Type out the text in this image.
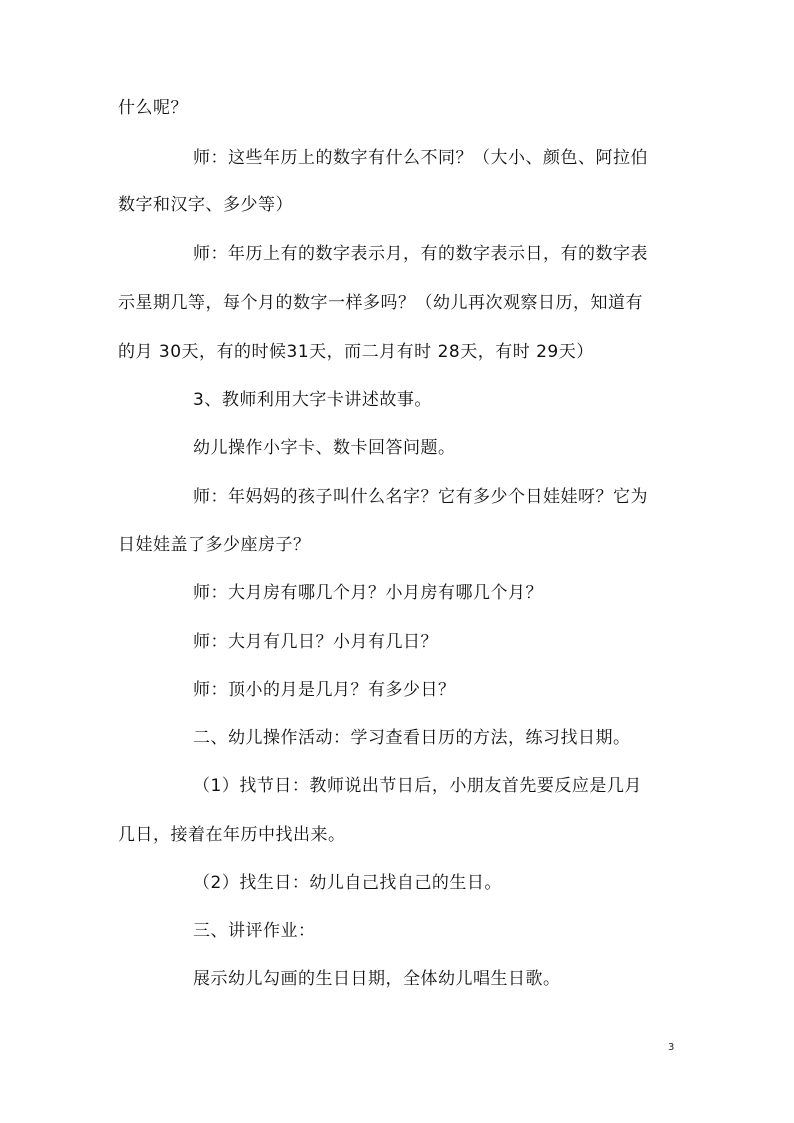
什么呢？
师：这些年历上的数字有什么不同？（大小、颜色、阿拉伯
数字和汉字、多少等）
师：年历上有的数字表示月，有的数字表示日，有的数字表
示星期几等，每个月的数字一样多吗？（幼儿再次观察日历，知道有
的月 30天，有的时候31天，而二月有时 28天，有时 29天）
3、教师利用大字卡讲述故事。
幼儿操作小字卡、数卡回答问题。
师：年妈妈的孩子叫什么名字？它有多少个日娃娃呀？它为
日娃娃盖了多少座房子？
师：大月房有哪几个月？小月房有哪几个月？
师：大月有几日？小月有几日？
师：顶小的月是几月？有多少日？
二、幼儿操作活动：学习查看日历的方法，练习找日期。
（1）找节日：教师说出节日后，小朋友首先要反应是几月
几日，接着在年历中找出来。
（2）找生日：幼儿自己找自己的生日。
三、讲评作业：
展示幼儿勾画的生日日期，全体幼儿唱生日歌。
3
